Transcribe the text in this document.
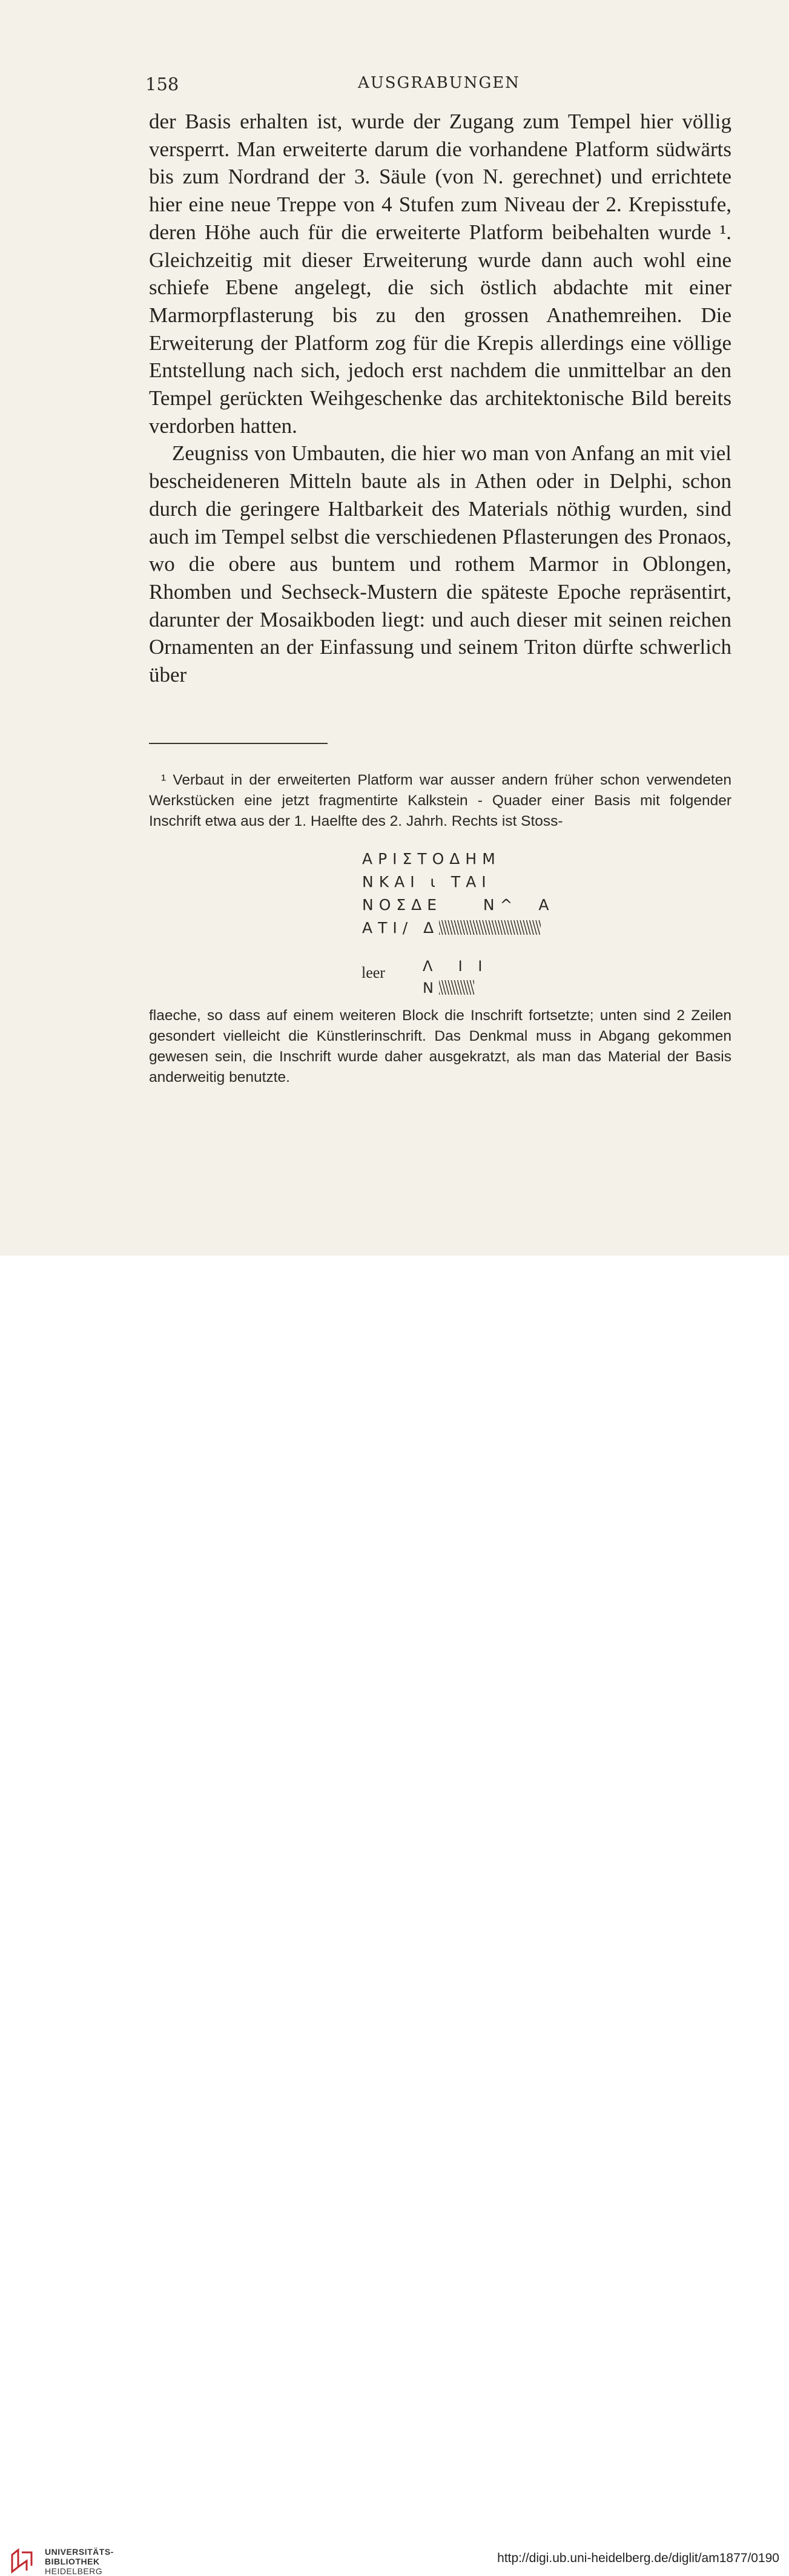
158	AUSGRABUNGEN

der Basis erhalten ist, wurde der Zugang zum Tempel hier völlig versperrt. Man erweiterte darum die vorhandene Platform südwärts bis zum Nordrand der 3. Säule (von N. gerechnet) und errichtete hier eine neue Treppe von 4 Stufen zum Niveau der 2. Krepisstufe, deren Höhe auch für die erweiterte Platform beibehalten wurde ¹. Gleichzeitig mit dieser Erweiterung wurde dann auch wohl eine schiefe Ebene angelegt, die sich östlich abdachte mit einer Marmorpflasterung bis zu den grossen Anathemreihen. Die Erweiterung der Platform zog für die Krepis allerdings eine völlige Entstellung nach sich, jedoch erst nachdem die unmittelbar an den Tempel gerückten Weihgeschenke das architektonische Bild bereits verdorben hatten.

Zeugniss von Umbauten, die hier wo man von Anfang an mit viel bescheideneren Mitteln baute als in Athen oder in Delphi, schon durch die geringere Haltbarkeit des Materials nöthig wurden, sind auch im Tempel selbst die verschiedenen Pflasterungen des Pronaos, wo die obere aus buntem und rothem Marmor in Oblongen, Rhomben und Sechseck-Mustern die späteste Epoche repräsentirt, darunter der Mosaikboden liegt: und auch dieser mit seinen reichen Ornamenten an der Einfassung und seinem Triton dürfte schwerlich über

¹ Verbaut in der erweiterten Platform war ausser andern früher schon verwendeten Werkstücken eine jetzt fragmentirte Kalkstein - Quader einer Basis mit folgender Inschrift etwa aus der 1. Haelfte des 2. Jahrh. Rechts ist Stoss-

ΑΡΙΣΤΟΔΗΜ
ΝΚΑΙ ι ΤΑΙ
ΝΟΣΔΕ    Ν^  Α
ΑΤΙ/ Δ
leer	Λ  I I
N

flaeche, so dass auf einem weiteren Block die Inschrift fortsetzte; unten sind 2 Zeilen gesondert vielleicht die Künstlerinschrift. Das Denkmal muss in Abgang gekommen gewesen sein, die Inschrift wurde daher ausgekratzt, als man das Material der Basis anderweitig benutzte.

UNIVERSITÄTS-
BIBLIOTHEK
HEIDELBERG
http://digi.ub.uni-heidelberg.de/diglit/am1877/0190
